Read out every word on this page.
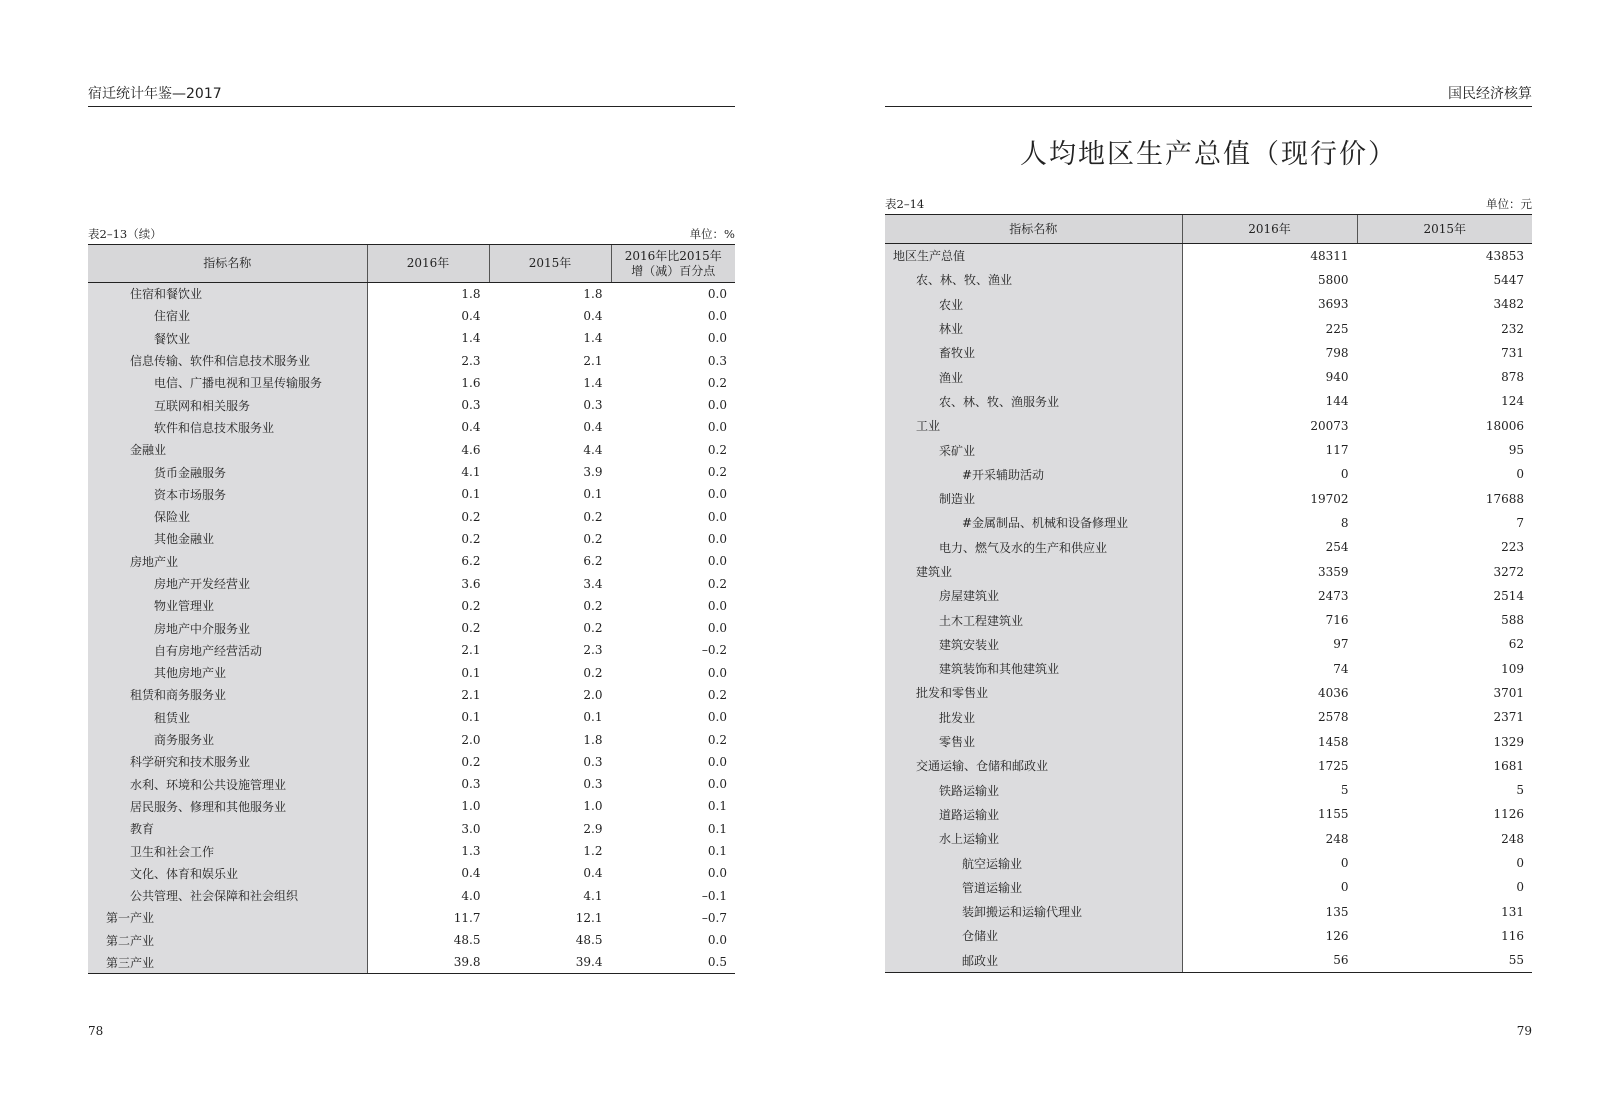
宿迁统计年鉴—2017
表2–13（续）	单位：%
指标名称	2016年	2015年	2016年比2015年增（减）百分点
住宿和餐饮业	1.8	1.8	0.0
住宿业	0.4	0.4	0.0
餐饮业	1.4	1.4	0.0
信息传输、软件和信息技术服务业	2.3	2.1	0.3
电信、广播电视和卫星传输服务	1.6	1.4	0.2
互联网和相关服务	0.3	0.3	0.0
软件和信息技术服务业	0.4	0.4	0.0
金融业	4.6	4.4	0.2
货币金融服务	4.1	3.9	0.2
资本市场服务	0.1	0.1	0.0
保险业	0.2	0.2	0.0
其他金融业	0.2	0.2	0.0
房地产业	6.2	6.2	0.0
房地产开发经营业	3.6	3.4	0.2
物业管理业	0.2	0.2	0.0
房地产中介服务业	0.2	0.2	0.0
自有房地产经营活动	2.1	2.3	–0.2
其他房地产业	0.1	0.2	0.0
租赁和商务服务业	2.1	2.0	0.2
租赁业	0.1	0.1	0.0
商务服务业	2.0	1.8	0.2
科学研究和技术服务业	0.2	0.3	0.0
水利、环境和公共设施管理业	0.3	0.3	0.0
居民服务、修理和其他服务业	1.0	1.0	0.1
教育	3.0	2.9	0.1
卫生和社会工作	1.3	1.2	0.1
文化、体育和娱乐业	0.4	0.4	0.0
公共管理、社会保障和社会组织	4.0	4.1	–0.1
第一产业	11.7	12.1	–0.7
第二产业	48.5	48.5	0.0
第三产业	39.8	39.4	0.5
78
国民经济核算
人均地区生产总值（现行价）
表2–14	单位：元
指标名称	2016年	2015年
地区生产总值	48311	43853
农、林、牧、渔业	5800	5447
农业	3693	3482
林业	225	232
畜牧业	798	731
渔业	940	878
农、林、牧、渔服务业	144	124
工业	20073	18006
采矿业	117	95
#开采辅助活动	0	0
制造业	19702	17688
#金属制品、机械和设备修理业	8	7
电力、燃气及水的生产和供应业	254	223
建筑业	3359	3272
房屋建筑业	2473	2514
土木工程建筑业	716	588
建筑安装业	97	62
建筑装饰和其他建筑业	74	109
批发和零售业	4036	3701
批发业	2578	2371
零售业	1458	1329
交通运输、仓储和邮政业	1725	1681
铁路运输业	5	5
道路运输业	1155	1126
水上运输业	248	248
航空运输业	0	0
管道运输业	0	0
装卸搬运和运输代理业	135	131
仓储业	126	116
邮政业	56	55
79
